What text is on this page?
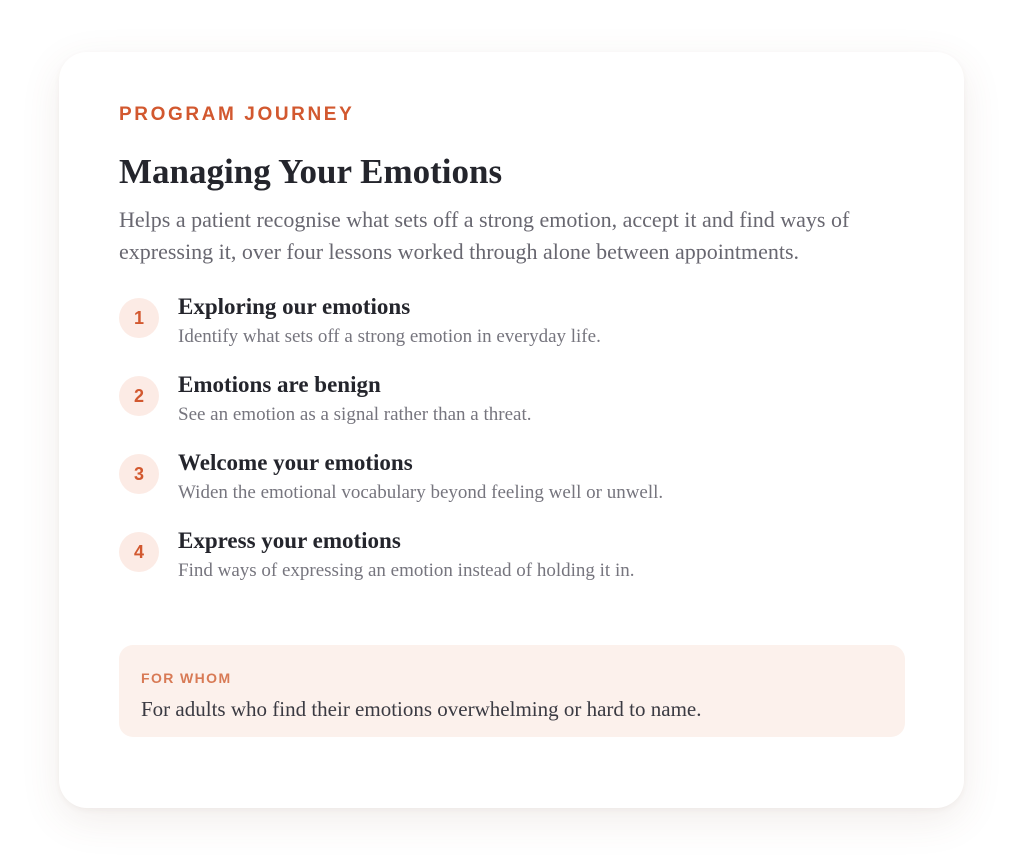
PROGRAM JOURNEY
Managing Your Emotions

Helps a patient recognise what sets off a strong emotion, accept it and find ways of expressing it, over four lessons worked through alone between appointments.

1	Exploring our emotions
Identify what sets off a strong emotion in everyday life.
2	Emotions are benign
See an emotion as a signal rather than a threat.
3	Welcome your emotions
Widen the emotional vocabulary beyond feeling well or unwell.
4	Express your emotions
Find ways of expressing an emotion instead of holding it in.
FOR WHOM
For adults who find their emotions overwhelming or hard to name.
